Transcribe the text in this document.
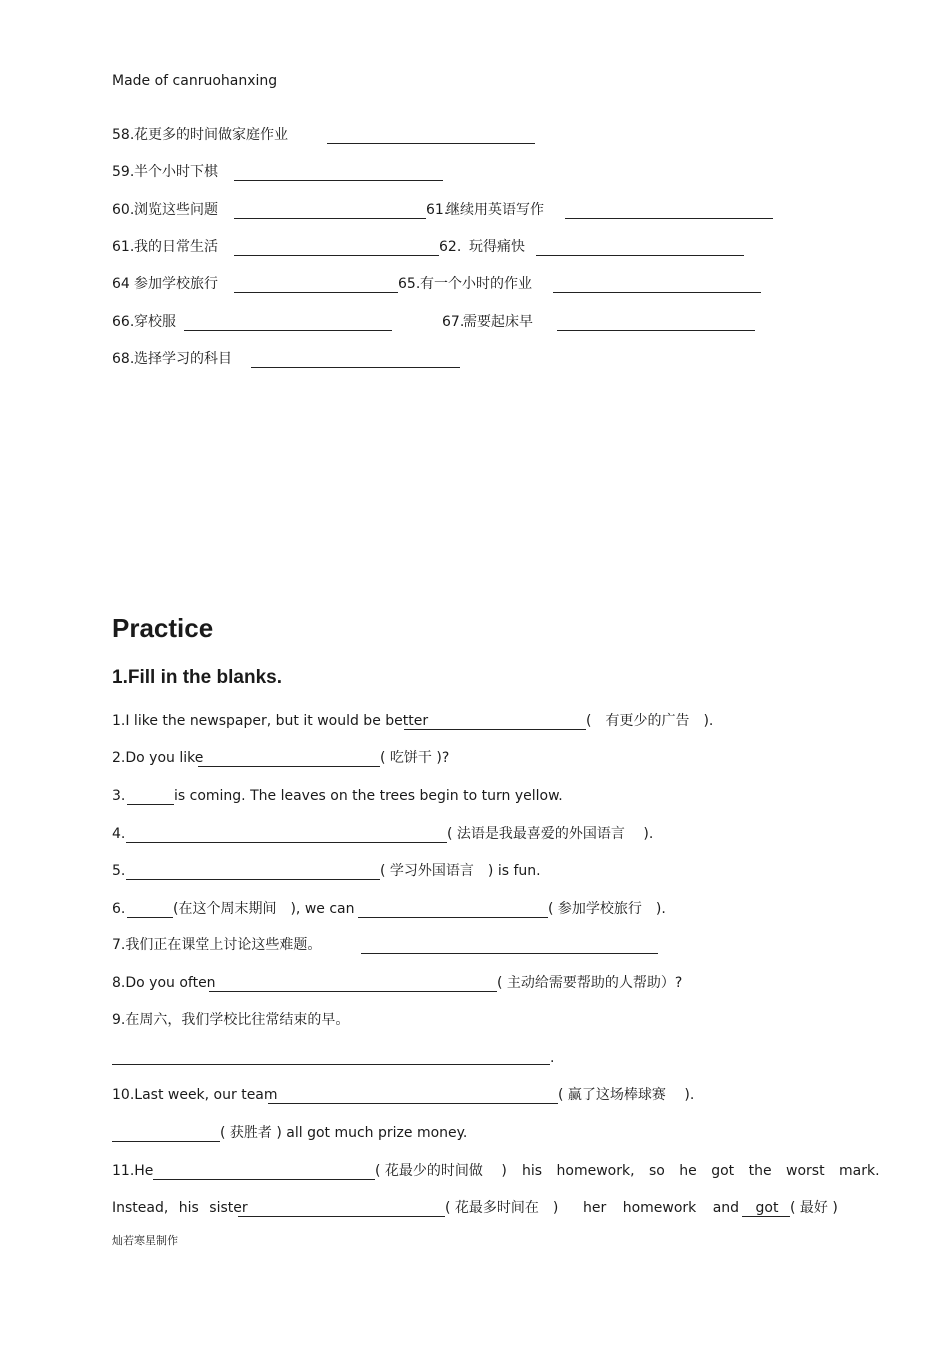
Made of canruohanxing
58. 花更多的时间做家庭作业
59. 半个小时下棋
60. 浏览这些问题	61.
继续用英语写作
61. 我的日常生活	62. 玩得痛快
64 参加学校旅行	65. 有一个小时的作业
66. 穿校服	67.
需要起床早
68. 选择学习的科目
Practice
1.Fill in the blanks.
1.I like the newspaper, but it would be better	(　有更少的广告　).
2.Do you like	( 吃饼干 )?
3.	is coming. The leaves on the trees begin to turn yellow.
4.	( 法语是我最喜爱的外国语言　 ).
5.	( 学习外国语言　) is fun.
6.	(在这个周末期间　), we can	( 参加学校旅行　).
7.我们正在课堂上讨论这些难题。
8.Do you often	( 主动给需要帮助的人帮助）?
9.在周六，我们学校比往常结束的早。
.
10.Last week, our team	( 赢了这场棒球赛　 ).
( 获胜者 ) all got much prize money.
11.He	( 花最少的时间做　 ) his homework, so he got the worst mark.
Instead, his sister	( 花最多时间在　) her homework and got ( 最好 )
灿若寒星制作
